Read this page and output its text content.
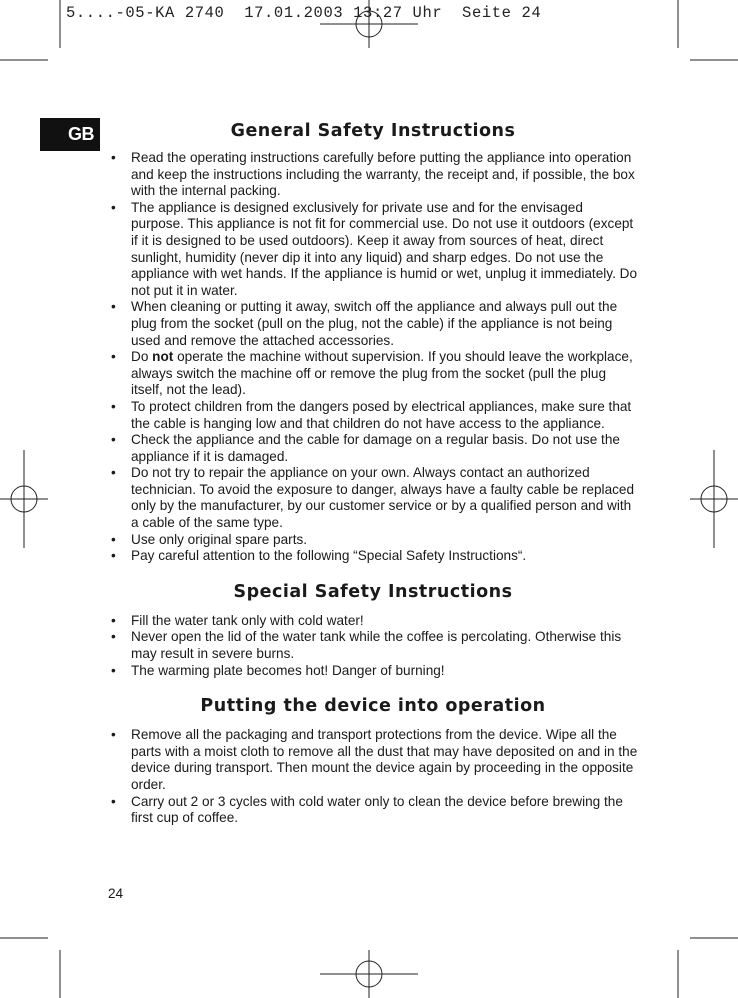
5....-05-KA 2740  17.01.2003 13:27 Uhr  Seite 24
GB	General Safety Instructions
• Read the operating instructions carefully before putting the appliance into operation and keep the instructions including the warranty, the receipt and, if possible, the box with the internal packing.
• The appliance is designed exclusively for private use and for the envisaged purpose. This appliance is not fit for commercial use. Do not use it outdoors (except if it is designed to be used outdoors). Keep it away from sources of heat, direct sunlight, humidity (never dip it into any liquid) and sharp edges. Do not use the appliance with wet hands. If the appliance is humid or wet, unplug it immediately. Do not put it in water.
• When cleaning or putting it away, switch off the appliance and always pull out the plug from the socket (pull on the plug, not the cable) if the appliance is not being used and remove the attached accessories.
• Do not operate the machine without supervision. If you should leave the workplace, always switch the machine off or remove the plug from the socket (pull the plug itself, not the lead).
• To protect children from the dangers posed by electrical appliances, make sure that the cable is hanging low and that children do not have access to the appliance.
• Check the appliance and the cable for damage on a regular basis. Do not use the appliance if it is damaged.
• Do not try to repair the appliance on your own. Always contact an authorized technician. To avoid the exposure to danger, always have a faulty cable be replaced only by the manufacturer, by our customer service or by a qualified person and with a cable of the same type.
• Use only original spare parts.
• Pay careful attention to the following “Special Safety Instructions“.
Special Safety Instructions
• Fill the water tank only with cold water!
• Never open the lid of the water tank while the coffee is percolating. Otherwise this may result in severe burns.
• The warming plate becomes hot! Danger of burning!
Putting the device into operation
• Remove all the packaging and transport protections from the device. Wipe all the parts with a moist cloth to remove all the dust that may have deposited on and in the device during transport. Then mount the device again by proceeding in the opposite order.
• Carry out 2 or 3 cycles with cold water only to clean the device before brewing the first cup of coffee.
24
